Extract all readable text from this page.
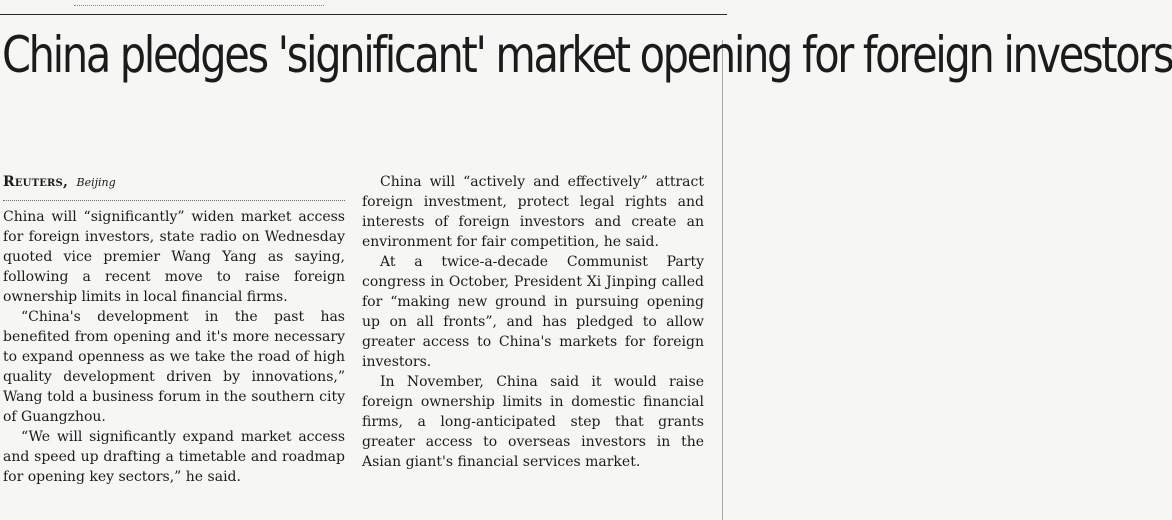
China pledges 'significant' market opening for foreign investors
Reuters, Beijing

China will “significantly” widen market access for foreign investors, state radio on Wednesday quoted vice premier Wang Yang as saying, following a recent move to raise foreign ownership limits in local financial firms.

“China's development in the past has benefited from opening and it's more necessary to expand openness as we take the road of high quality development driven by innovations,” Wang told a business forum in the southern city of Guangzhou.

“We will significantly expand market access and speed up drafting a timetable and roadmap for opening key sectors,” he said.

China will “actively and effectively” attract foreign investment, protect legal rights and interests of foreign investors and create an environment for fair competition, he said.

At a twice-a-decade Communist Party congress in October, President Xi Jinping called for “making new ground in pursuing opening up on all fronts”, and has pledged to allow greater access to China's markets for foreign investors.

In November, China said it would raise foreign ownership limits in domestic financial firms, a long-anticipated step that grants greater access to overseas investors in the Asian giant's financial services market.
